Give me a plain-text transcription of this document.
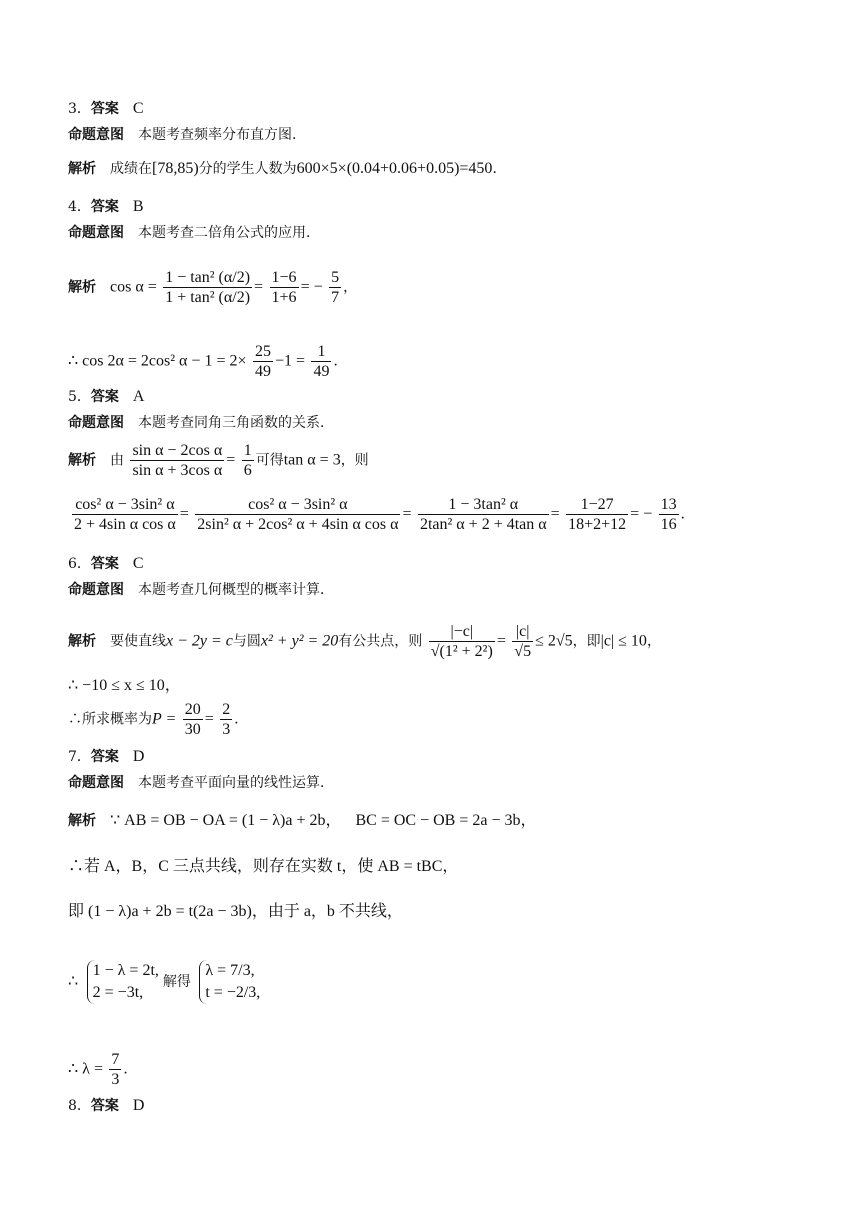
3．答案 C
命题意图 本题考查频率分布直方图．
解析 成绩在[78,85)分的学生人数为600×5×(0.04+0.06+0.05)=450．
4．答案 B
命题意图 本题考查二倍角公式的应用．
解析 $\cos \alpha = \frac{\text{1 − tan² (α/2)}}{\text{1 + tan² (α/2)}} = \frac{1-6}{1+6}$ = − $\frac{5}{7}$ ，
∴ cos 2α = 2cos² $\alpha - 1 = 2\times \frac{25}{49} -1 = \frac{1}{49}$ ．
5．答案 A
命题意图 本题考查同角三角函数的关系．
解析 由 $\frac{\text{sin α − 2cos α}}{\text{sin α + 3cos α}} = \frac{1}{6}$ 可得tan α = 3，则
$\frac{\text{cos² α − 3sin² α}}{\text{2 + 4sin α cos α}} = \frac{\text{cos² α − 3sin² α}}{\text{2sin² α + 2cos² α + 4sin α cos α}} = \frac{\text{1 − 3tan² α}}{\text{2tan² α + 2 + 4tan α}} = \frac{1-27}{18+2+12}$ = − $\frac{13}{16}$ ．
6．答案 C
命题意图 本题考查几何概型的概率计算．
解析 要使直线x − 2y = c与圆x² + y² = 20有公共点，则 $\frac{|-c|}{\text{√(1² + 2²)}} = \frac{|c|}{√5} \le 2√5$，即|c| ≤ 10，
∴ −10 ≤ x ≤ 10，
∴所求概率为$P = \frac{20}{30} = \frac{2}{3}$ ．
7．答案 D
命题意图 本题考查平面向量的线性运算．
解析 ∵ AB = OB − OA = (1 − λ)a + 2b， BC = OC − OB = 2a − 3b，
∴若 A，B，C 三点共线，则存在实数 t，使 AB = tBC，
即 (1 − λ)a + 2b = t(2a − 3b)，由于 a，b 不共线，
∴
1 − λ = 2t,
2 = −3t,
解得
λ = 7/3,
t = −2/3,
∴ $\lambda = \frac{7}{3}$ ．
8．答案 D
